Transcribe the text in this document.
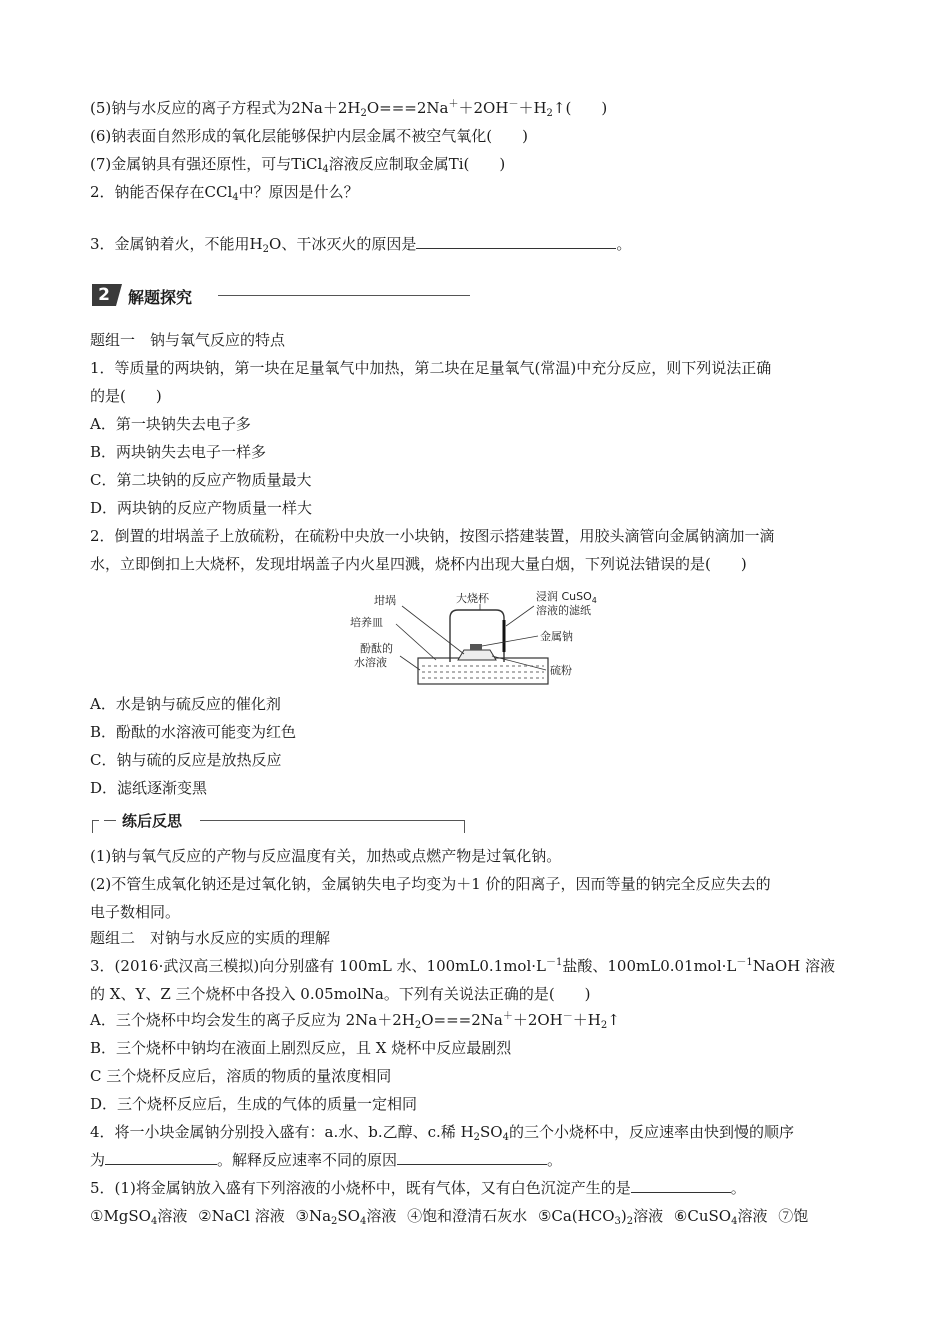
(5)钠与水反应的离子方程式为$2Na+2H_2O===2Na^++2OH^-+H_2↑$(　　)
(6)钠表面自然形成的氧化层能够保护内层金属不被空气氧化(　　)
(7)金属钠具有强还原性，可与TiCl$_4$溶液反应制取金属Ti(　　)
2．钠能否保存在CCl$_4$中？原因是什么？
3．金属钠着火，不能用$H_2O$、干冰灭火的原因是	。
2	解题探究
题组一　钠与氧气反应的特点
1．等质量的两块钠，第一块在足量氧气中加热，第二块在足量氧气(常温)中充分反应，则下列说法正确
的是(　　)
A．第一块钠失去电子多
B．两块钠失去电子一样多
C．第二块钠的反应产物质量最大
D．两块钠的反应产物质量一样大
2．倒置的坩埚盖子上放硫粉，在硫粉中央放一小块钠，按图示搭建装置，用胶头滴管向金属钠滴加一滴
水，立即倒扣上大烧杯，发现坩埚盖子内火星四溅，烧杯内出现大量白烟，下列说法错误的是(　　)
坩埚	大烧杯	浸润 CuSO$_4$
溶液的滤纸
培养皿
金属钠
酚酞的
水溶液
硫粉
A．水是钠与硫反应的催化剂
B．酚酞的水溶液可能变为红色
C．钠与硫的反应是放热反应
D．滤纸逐渐变黑
练后反思
(1)钠与氧气反应的产物与反应温度有关，加热或点燃产物是过氧化钠。
(2)不管生成氧化钠还是过氧化钠，金属钠失电子均变为＋1 价的阳离子，因而等量的钠完全反应失去的
电子数相同。
题组二　对钠与水反应的实质的理解
3．(2016·武汉高三模拟)向分别盛有 100mL 水、$100mL0.1mol\cdot L^{-1}$盐酸、$100mL0.01mol\cdot L^{-1}NaOH$ 溶液
的 X、Y、Z 三个烧杯中各投入 0.05molNa。下列有关说法正确的是(　　)
A．三个烧杯中均会发生的离子反应为 $2Na+2H_2O===2Na^++2OH^-+H_2↑$
B．三个烧杯中钠均在液面上剧烈反应，且 X 烧杯中反应最剧烈
C 三个烧杯反应后，溶质的物质的量浓度相同
D．三个烧杯反应后，生成的气体的质量一定相同
4．将一小块金属钠分别投入盛有：a.水、b.乙醇、c.稀 $H_2SO_4$的三个小烧杯中，反应速率由快到慢的顺序
为	。解释反应速率不同的原因	。
5．(1)将金属钠放入盛有下列溶液的小烧杯中，既有气体，又有白色沉淀产生的是	。
①MgSO$_4$溶液 ②NaCl 溶液 $③Na_2SO_4$溶液 ④饱和澄清石灰水 $⑤Ca(HCO_3)_2$溶液 ⑥CuSO$_4$溶液 ⑦饱
